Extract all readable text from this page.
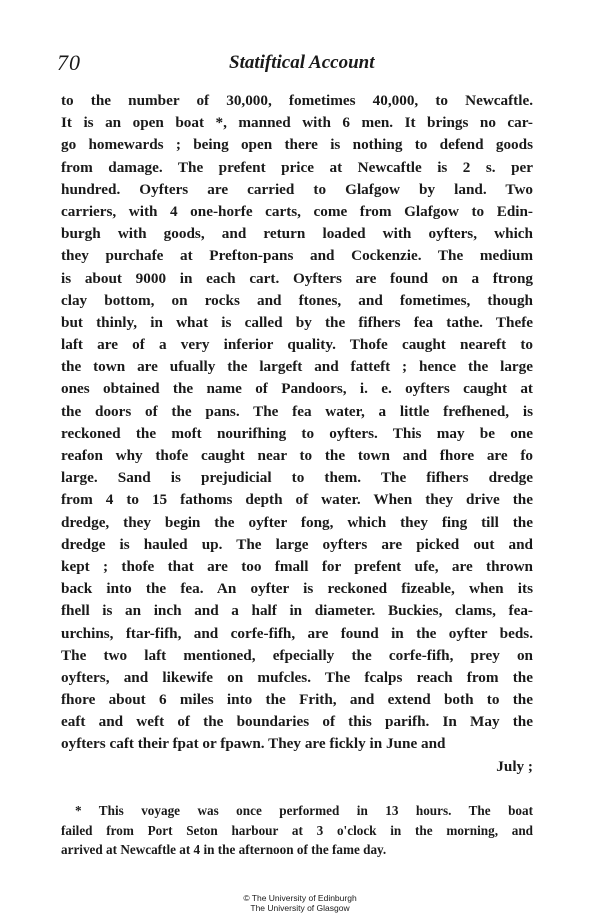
70	Statiftical Account
to the number of 30,000, fometimes 40,000, to Newcaftle.
It is an open boat *, manned with 6 men. It brings no car-
go homewards ; being open there is nothing to defend goods
from damage. The prefent price at Newcaftle is 2 s. per
hundred. Oyfters are carried to Glafgow by land. Two
carriers, with 4 one-horfe carts, come from Glafgow to Edin-
burgh with goods, and return loaded with oyfters, which
they purchafe at Prefton-pans and Cockenzie. The medium
is about 9000 in each cart. Oyfters are found on a ftrong
clay bottom, on rocks and ftones, and fometimes, though
but thinly, in what is called by the fifhers fea tathe. Thefe
laft are of a very inferior quality. Thofe caught neareft to
the town are ufually the largeft and fatteft ; hence the large
ones obtained the name of Pandoors, i. e. oyfters caught at
the doors of the pans. The fea water, a little frefhened, is
reckoned the moft nourifhing to oyfters. This may be one
reafon why thofe caught near to the town and fhore are fo
large. Sand is prejudicial to them. The fifhers dredge
from 4 to 15 fathoms depth of water. When they drive the
dredge, they begin the oyfter fong, which they fing till the
dredge is hauled up. The large oyfters are picked out and
kept ; thofe that are too fmall for prefent ufe, are thrown
back into the fea. An oyfter is reckoned fizeable, when its
fhell is an inch and a half in diameter. Buckies, clams, fea-
urchins, ftar-fifh, and corfe-fifh, are found in the oyfter beds.
The two laft mentioned, efpecially the corfe-fifh, prey on
oyfters, and likewife on mufcles. The fcalps reach from the
fhore about 6 miles into the Frith, and extend both to the
eaft and weft of the boundaries of this parifh. In May the
oyfters caft their fpat or fpawn. They are fickly in June and
July ;
* This voyage was once performed in 13 hours. The boat
failed from Port Seton harbour at 3 o'clock in the morning, and
arrived at Newcaftle at 4 in the afternoon of the fame day.
© The University of Edinburgh
The University of Glasgow
